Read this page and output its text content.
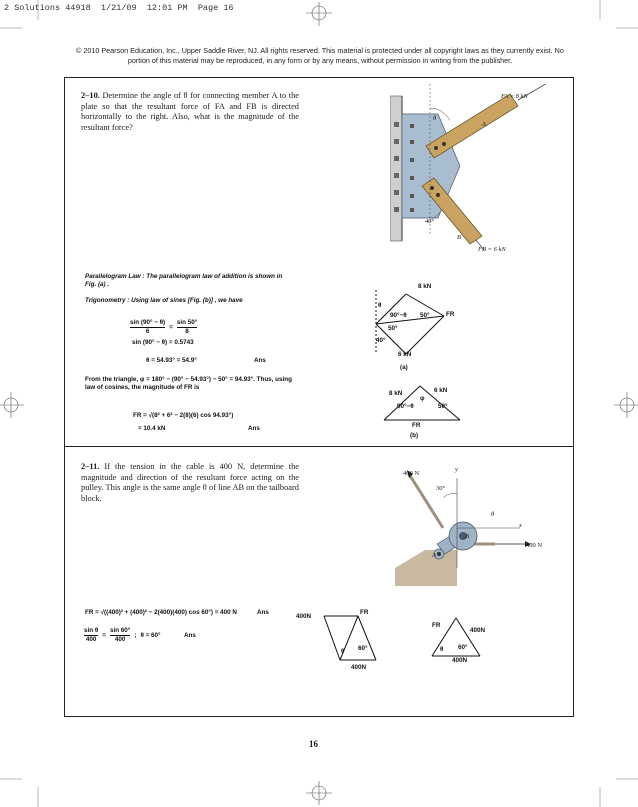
2 Solutions 44918  1/21/09  12:01 PM  Page 16
© 2010 Pearson Education, Inc., Upper Saddle River, NJ. All rights reserved. This material is protected under all copyright laws as they currently exist. No portion of this material may be reproduced, in any form or by any means, without permission in writing from the publisher.
2–10. Determine the angle of θ for connecting member A to the plate so that the resultant force of FA and FB is directed horizontally to the right. Also, what is the magnitude of the resultant force?
FA = 8 kN
FB = 6 kN
θ
A
B
40°
Parallelogram Law : The parallelogram law of addition is shown in Fig. (a) .
Trigonometry : Using law of sines [Fig. (b)] , we have
$\frac{\sin (90^\circ - \theta)}{6} = \frac{\sin 50^\circ}{8}$
sin (90° − θ) = 0.5743
θ = 54.93° = 54.9°	Ans
From the triangle, φ = 180° − (90° − 54.93°) − 50° = 94.93°. Thus, using law of cosines, the magnitude of FR is
FR = √(8² + 6² − 2(8)(6) cos 94.93°)
= 10.4 kN	Ans
8 kN
6 kN
FR
θ
90°−θ 50°
50°
40°
(a)
8 kN	6 kN
φ
90°−θ	50°
FR
(b)
2–11. If the tension in the cable is 400 N, determine the magnitude and direction of the resultant force acting on the pulley. This angle is the same angle θ of line AB on the tailboard block.
400 N
400 N
30°
y
x
θ
A
B
FR = √((400)² + (400)² − 2(400)(400) cos 60°) = 400 N	Ans
$\frac{\text{sin θ}}{400} = \frac{\sin 60^\circ}{400}$ ; θ = 60°	Ans
400N
FR
60°
θ
400N
FR
400N
60°
θ
400N
16
